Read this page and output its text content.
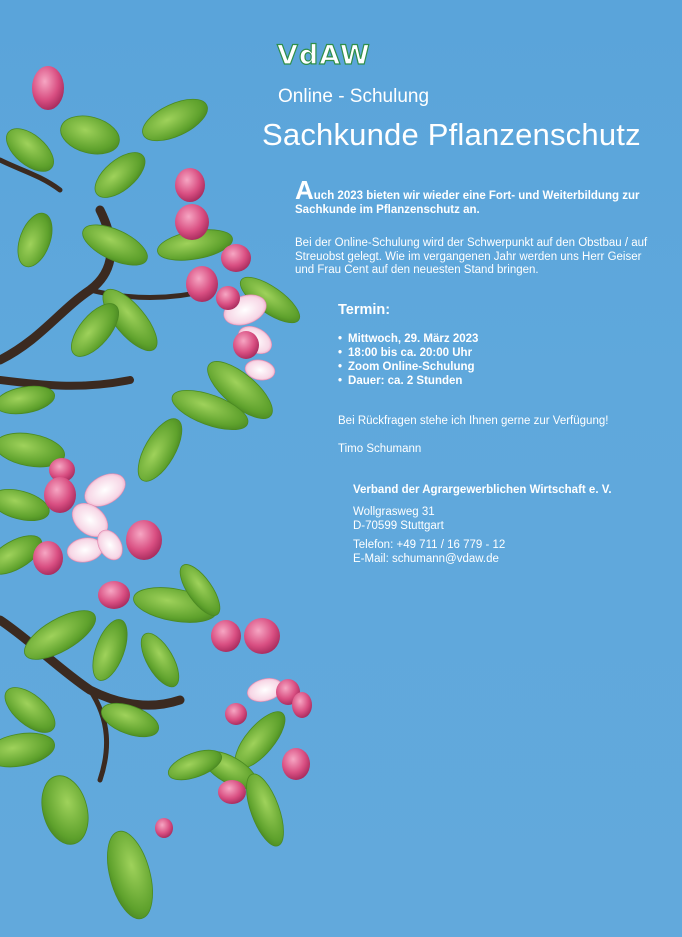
VdAW
Online - Schulung
Sachkunde Pflanzenschutz
Auch 2023 bieten wir wieder eine Fort- und Weiterbildung zur Sachkunde im Pflanzenschutz an.
Bei der Online-Schulung wird der Schwerpunkt auf den Obstbau / auf Streuobst gelegt. Wie im vergangenen Jahr werden uns Herr Geiser und Frau Cent auf den neuesten Stand bringen.
Termin:
• Mittwoch, 29. März 2023
• 18:00 bis ca. 20:00 Uhr
• Zoom Online-Schulung
• Dauer: ca. 2 Stunden
Bei Rückfragen stehe ich Ihnen gerne zur Verfügung!
Timo Schumann
Verband der Agrargewerblichen Wirtschaft e. V.
Wollgrasweg 31
D-70599 Stuttgart
Telefon: +49 711 / 16 779 - 12
E-Mail: schumann@vdaw.de
